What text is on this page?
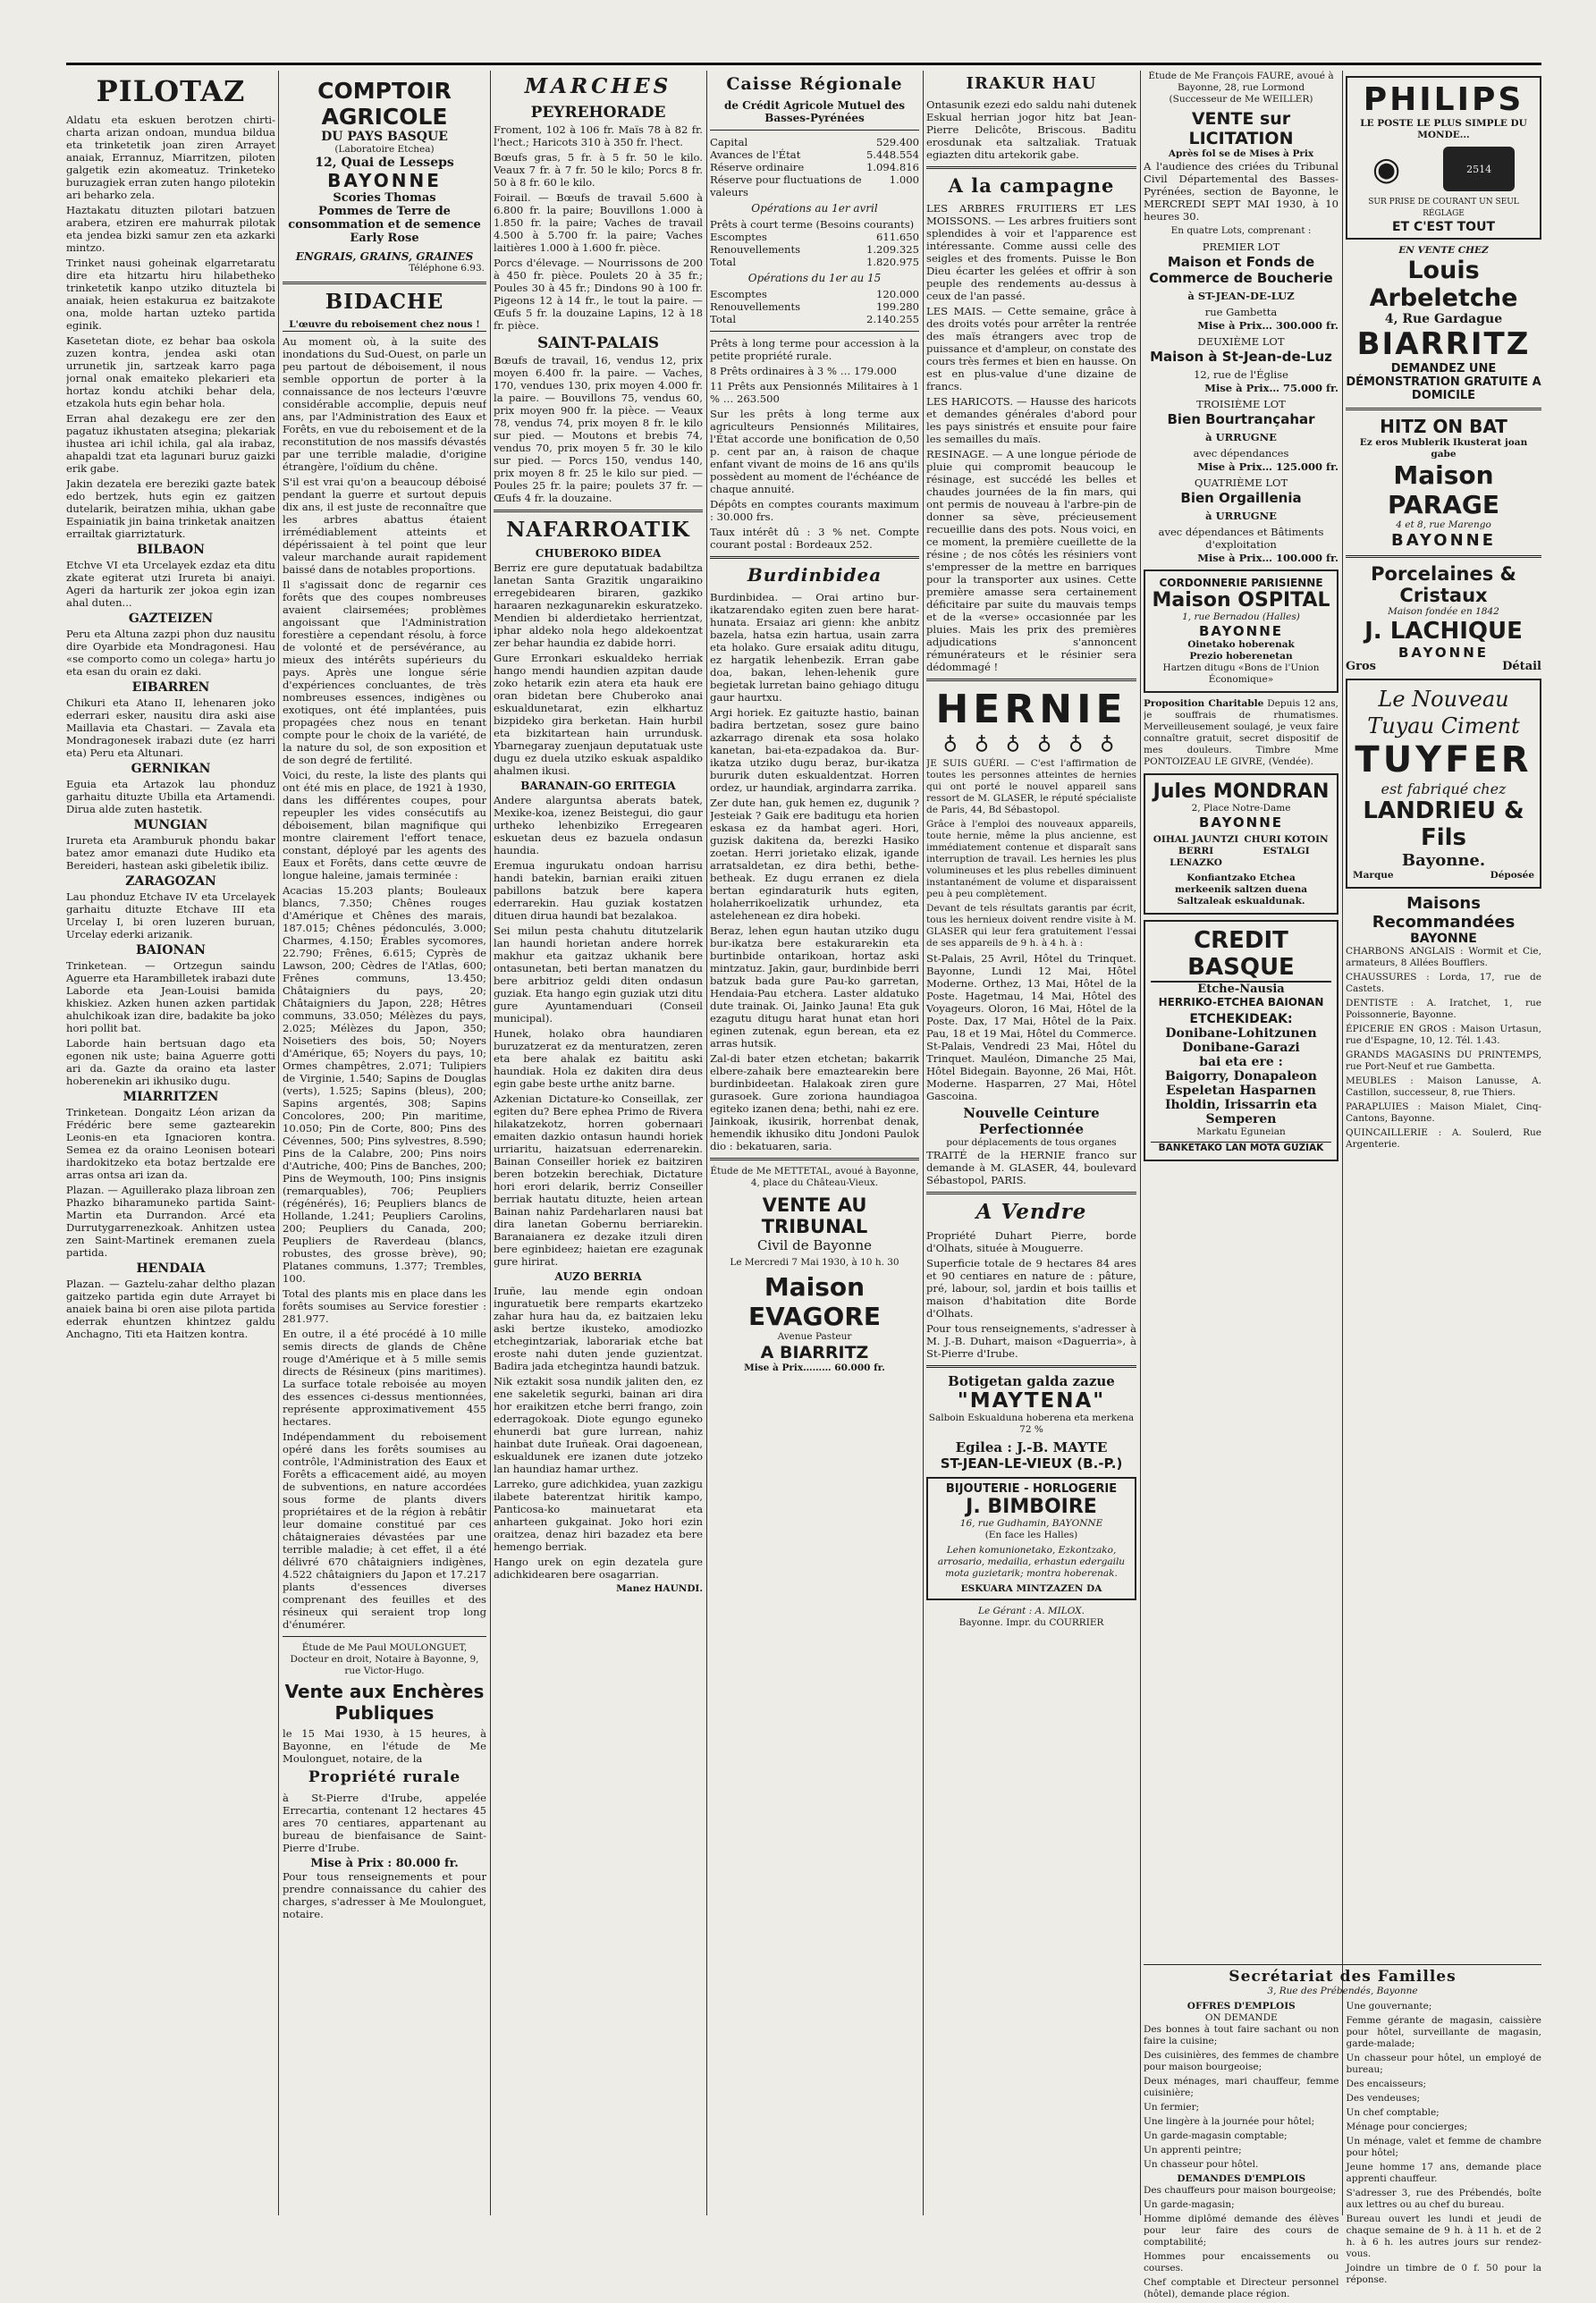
PILOTAZ

Aldatu eta eskuen berotzen chirti-charta arizan ondoan, mundua bildua eta trinketetik joan ziren Arrayet anaiak, Errannuz, Miarritzen, piloten galgetik ezin akomeatuz. Trinketeko buruzagiek erran zuten hango pilotekin ari beharko zela.

Haztakatu dituzten pilotari batzuen arabera, etziren ere mahurrak pilotak eta jendea bizki samur zen eta azkarki mintzo.

Trinket nausi goheinak elgarretaratu dire eta hitzartu hiru hilabetheko trinketetik kanpo utziko dituztela bi anaiak, heien estakurua ez baitzakote ona, molde hartan uzteko partida eginik.

Kasetetan diote, ez behar baa oskola zuzen kontra, jendea aski otan urrunetik jin, sartzeak karro paga jornal onak emaiteko plekarieri eta hortaz kondu atchiki behar dela, etzakola huts egin behar hola.

Erran ahal dezakegu ere zer den pagatuz ikhustaten atsegina; plekariak ihustea ari ichil ichila, gal ala irabaz, ahapaldi tzat eta lagunari buruz gaizki erik gabe.

Jakin dezatela ere bereziki gazte batek edo bertzek, huts egin ez gaitzen dutelarik, beiratzen mihia, ukhan gabe Espainiatik jin baina trinketak anaitzen errailtak giarriztaturk.

BILBAON

Etchve VI eta Urcelayek ezdaz eta ditu zkate egiterat utzi Irureta bi anaiyi. Ageri da harturik zer jokoa egin izan ahal duten...

GAZTEIZEN

Peru eta Altuna zazpi phon duz nausitu dire Oyarbide eta Mondragonesi. Hau «se comporto como un colega» hartu jo eta esan du orain ez daki.

EIBARREN

Chikuri eta Atano II, lehenaren joko ederrari esker, nausitu dira aski aise Maillavia eta Chastari. — Zavala eta Mondragonesek irabazi dute (ez harri eta) Peru eta Altunari.

GERNIKAN

Eguia eta Artazok lau phonduz garhaitu dituzte Ubilla eta Artamendi. Dirua alde zuten hastetik.

MUNGIAN

Irureta eta Aramburuk phondu bakar batez amor emanazi dute Hudiko eta Bereideri, hastean aski gibeletik ibiliz.

ZARAGOZAN

Lau phonduz Etchave IV eta Urcelayek garhaitu dituzte Etchave III eta Urcelay I, bi oren luzeren buruan, Urcelay ederki arizanik.

BAIONAN

Trinketean. — Ortzegun saindu Aguerre eta Harambilletek irabazi dute Laborde eta Jean-Louisi bamida khiskiez. Azken hunen azken partidak ahulchikoak izan dire, badakite ba joko hori pollit bat.

Laborde hain bertsuan dago eta egonen nik uste; baina Aguerre gotti ari da. Gazte da oraino eta laster hoberenekin ari ikhusiko dugu.

MIARRITZEN

Trinketean. Dongaitz Léon arizan da Frédéric bere seme gaztearekin Leonis-en eta Ignacioren kontra. Semea ez da oraino Leonisen boteari ihardokitzeko eta botaz bertzalde ere arras ontsa ari izan da.

Plazan. — Aguillerako plaza libroan zen Phazko biharamuneko partida Saint-Martin eta Durrandon. Arcé eta Durrutygarrenezkoak. Anhitzen ustea zen Saint-Martinek eremanen zuela partida.

HENDAIA

Plazan. — Gaztelu-zahar deltho plazan gaitzeko partida egin dute Arrayet bi anaiek baina bi oren aise pilota partida ederrak ehuntzen khintzez galdu Anchagno, Titi eta Haitzen kontra.

COMPTOIR AGRICOLE
DU PAYS BASQUE
(Laboratoire Etchea)
12, Quai de Lesseps
BAYONNE
Scories Thomas
Pommes de Terre de consommation et de semence
Early Rose
ENGRAIS, GRAINS, GRAINES
Téléphone 6.93.
BIDACHE
L'œuvre du reboisement chez nous !

Au moment où, à la suite des inondations du Sud-Ouest, on parle un peu partout de déboisement, il nous semble opportun de porter à la connaissance de nos lecteurs l'œuvre considérable accomplie, depuis neuf ans, par l'Administration des Eaux et Forêts, en vue du reboisement et de la reconstitution de nos massifs dévastés par une terrible maladie, d'origine étrangère, l'oïdium du chêne.

S'il est vrai qu'on a beaucoup déboisé pendant la guerre et surtout depuis dix ans, il est juste de reconnaître que les arbres abattus étaient irrémédiablement atteints et dépérissaient à tel point que leur valeur marchande aurait rapidement baissé dans de notables proportions.

Il s'agissait donc de regarnir ces forêts que des coupes nombreuses avaient clairsemées; problèmes angoissant que l'Administration forestière a cependant résolu, à force de volonté et de persévérance, au mieux des intérêts supérieurs du pays. Après une longue série d'expériences concluantes, de très nombreuses essences, indigènes ou exotiques, ont été implantées, puis propagées chez nous en tenant compte pour le choix de la variété, de la nature du sol, de son exposition et de son degré de fertilité.

Voici, du reste, la liste des plants qui ont été mis en place, de 1921 à 1930, dans les différentes coupes, pour repeupler les vides consécutifs au déboisement, bilan magnifique qui montre clairement l'effort tenace, constant, déployé par les agents des Eaux et Forêts, dans cette œuvre de longue haleine, jamais terminée :

Acacias 15.203 plants; Bouleaux blancs, 7.350; Chênes rouges d'Amérique et Chênes des marais, 187.015; Chênes pédonculés, 3.000; Charmes, 4.150; Érables sycomores, 22.790; Frênes, 6.615; Cyprès de Lawson, 200; Cèdres de l'Atlas, 600; Frênes communs, 13.450; Châtaigniers du pays, 20; Châtaigniers du Japon, 228; Hêtres communs, 33.050; Mélèzes du pays, 2.025; Mélèzes du Japon, 350; Noisetiers des bois, 50; Noyers d'Amérique, 65; Noyers du pays, 10; Ormes champêtres, 2.071; Tulipiers de Virginie, 1.540; Sapins de Douglas (verts), 1.525; Sapins (bleus), 200; Sapins argentés, 308; Sapins Concolores, 200; Pin maritime, 10.050; Pin de Corte, 800; Pins des Cévennes, 500; Pins sylvestres, 8.590; Pins de la Calabre, 200; Pins noirs d'Autriche, 400; Pins de Banches, 200; Pins de Weymouth, 100; Pins insignis (remarquables), 706; Peupliers (régénérés), 16; Peupliers blancs de Hollande, 1.241; Peupliers Carolins, 200; Peupliers du Canada, 200; Peupliers de Raverdeau (blancs, robustes, des grosse brève), 90; Platanes communs, 1.377; Trembles, 100.

Total des plants mis en place dans les forêts soumises au Service forestier : 281.977.

En outre, il a été procédé à 10 mille semis directs de glands de Chêne rouge d'Amérique et à 5 mille semis directs de Résineux (pins maritimes). La surface totale reboisée au moyen des essences ci-dessus mentionnées, représente approximativement 455 hectares.

Indépendamment du reboisement opéré dans les forêts soumises au contrôle, l'Administration des Eaux et Forêts a efficacement aidé, au moyen de subventions, en nature accordées sous forme de plants divers propriétaires et de la région à rebâtir leur domaine constitué par ces châtaigneraies dévastées par une terrible maladie; à cet effet, il a été délivré 670 châtaigniers indigènes, 4.522 châtaigniers du Japon et 17.217 plants d'essences diverses comprenant des feuilles et des résineux qui seraient trop long d'énumérer.

Étude de Me Paul MOULONGUET,
Docteur en droit, Notaire à Bayonne, 9, rue Victor-Hugo.
Vente aux Enchères Publiques

le 15 Mai 1930, à 15 heures, à Bayonne, en l'étude de Me Moulonguet, notaire, de la

Propriété rurale

à St-Pierre d'Irube, appelée Errecartia, contenant 12 hectares 45 ares 70 centiares, appartenant au bureau de bienfaisance de Saint-Pierre d'Irube.

Mise à Prix : 80.000 fr.

Pour tous renseignements et pour prendre connaissance du cahier des charges, s'adresser à Me Moulonguet, notaire.

MARCHES
PEYREHORADE

Froment, 102 à 106 fr. Maïs 78 à 82 fr. l'hect.; Haricots 310 à 350 fr. l'hect.

Bœufs gras, 5 fr. à 5 fr. 50 le kilo. Veaux 7 fr. à 7 fr. 50 le kilo; Porcs 8 fr. 50 à 8 fr. 60 le kilo.

Foirail. — Bœufs de travail 5.600 à 6.800 fr. la paire; Bouvillons 1.000 à 1.850 fr. la paire; Vaches de travail 4.500 à 5.700 fr. la paire; Vaches laitières 1.000 à 1.600 fr. pièce.

Porcs d'élevage. — Nourrissons de 200 à 450 fr. pièce. Poulets 20 à 35 fr.; Poules 30 à 45 fr.; Dindons 90 à 100 fr. Pigeons 12 à 14 fr., le tout la paire. — Œufs 5 fr. la douzaine Lapins, 12 à 18 fr. pièce.

SAINT-PALAIS

Bœufs de travail, 16, vendus 12, prix moyen 6.400 fr. la paire. — Vaches, 170, vendues 130, prix moyen 4.000 fr. la paire. — Bouvillons 75, vendus 60, prix moyen 900 fr. la pièce. — Veaux 78, vendus 74, prix moyen 8 fr. le kilo sur pied. — Moutons et brebis 74, vendus 70, prix moyen 5 fr. 30 le kilo sur pied. — Porcs 150, vendus 140, prix moyen 8 fr. 25 le kilo sur pied. — Poules 25 fr. la paire; poulets 37 fr. — Œufs 4 fr. la douzaine.

NAFARROATIK
CHUBEROKO BIDEA

Berriz ere gure deputatuak badabiltza lanetan Santa Grazitik ungaraikino erregebidearen biraren, gazkiko haraaren nezkagunarekin eskuratzeko. Mendien bi alderdietako herrientzat, iphar aldeko nola hego aldekoentzat zer behar haundia ez dabide horri.

Gure Erronkari eskualdeko herriak hango mendi haundien azpitan daude zoko hetarik ezin atera eta hauk ere oran bidetan bere Chuberoko anai eskualdunetarat, ezin elkhartuz bizpideko gira berketan. Hain hurbil eta bizkitartean hain urrundusk. Ybarnegaray zuenjaun deputatuak uste dugu ez duela utziko eskuak aspaldiko ahalmen ikusi.

BARANAIN-GO ERITEGIA

Andere alarguntsa aberats batek, Mexike-koa, izenez Beistegui, dio gaur urtheko lehenbiziko Erregearen eskuetan deus ez bazuela ondasun haundia.

Eremua ingurukatu ondoan harrisu handi batekin, barnian eraiki zituen pabillons batzuk bere kapera ederrarekin. Hau guziak kostatzen dituen dirua haundi bat bezalakoa.

Sei milun pesta chahutu ditutzelarik lan haundi horietan andere horrek makhur eta gaitzaz ukhanik bere ontasunetan, beti bertan manatzen du bere arbitrioz geldi diten ondasun guziak. Eta hango egin guziak utzi ditu gure Ayuntamenduari (Conseil municipal).

Hunek, holako obra haundiaren buruzatzerat ez da menturatzen, zeren eta bere ahalak ez baititu aski haundiak. Hola ez dakiten dira deus egin gabe beste urthe anitz barne.

Azkenian Dictature-ko Conseillak, zer egiten du? Bere ephea Primo de Rivera hilakatzekotz, horren gobernaari emaiten dazkio ontasun haundi horiek urriaritu, haizatsuan ederrenarekin. Bainan Conseiller horiek ez baitziren beren botzekin berechiak, Dictature hori erori delarik, berriz Conseiller berriak hautatu dituzte, heien artean Bainan nahiz Pardeharlaren nausi bat dira lanetan Gobernu berriarekin. Baranaianera ez dezake itzuli diren bere eginbideez; haietan ere ezagunak gure hirirat.

AUZO BERRIA

Iruñe, lau mende egin ondoan inguratuetik bere remparts ekartzeko zahar hura hau da, ez baitzaien leku aski bertze ikusteko, amodiozko etchegintzariak, laborariak etche bat eroste nahi duten jende guzientzat. Badira jada etchegintza haundi batzuk.

Nik eztakit sosa nundik jaliten den, ez ene sakeletik segurki, bainan ari dira hor eraikitzen etche berri frango, zoin ederragokoak. Diote egungo eguneko ehunerdi bat gure lurrean, nahiz hainbat dute Iruñeak. Orai dagoenean, eskualdunek ere izanen dute jotzeko lan haundiaz hamar urthez.

Larreko, gure adichkidea, yuan zazkigu ilabete baterentzat hiritik kampo, Panticosa-ko mainuetarat eta anharteen gukgainat. Joko hori ezin oraitzea, denaz hiri bazadez eta bere hemengo berriak.

Hango urek on egin dezatela gure adichkidearen bere osagarrian.

Manez HAUNDI.
Caisse Régionale
de Crédit Agricole Mutuel des Basses-Pyrénées
Capital	529.400
Avances de l'État	5.448.554
Réserve ordinaire	1.094.816
Réserve pour fluctuations de valeurs
1.000
Opérations au 1er avril
Prêts à court terme (Besoins courants)
Escomptes	611.650
Renouvellements	1.209.325
Total	1.820.975
Opérations du 1er au 15
Escomptes	120.000
Renouvellements	199.280
Total	2.140.255

Prêts à long terme pour accession à la petite propriété rurale.

8 Prêts ordinaires à 3 % … 179.000

11 Prêts aux Pensionnés Militaires à 1 % … 263.500

Sur les prêts à long terme aux agriculteurs Pensionnés Militaires, l'État accorde une bonification de 0,50 p. cent par an, à raison de chaque enfant vivant de moins de 16 ans qu'ils possèdent au moment de l'échéance de chaque annuité.

Dépôts en comptes courants maximum : 30.000 frs.

Taux intérêt dû : 3 % net. Compte courant postal : Bordeaux 252.

Burdinbidea

Burdinbidea. — Orai artino bur-ikatzarendako egiten zuen bere harat-hunata. Ersaiaz ari gienn: khe anbitz bazela, hatsa ezin hartua, usain zarra eta holako. Gure ersaiak aditu ditugu, ez hargatik lehenbezik. Erran gabe doa, bakan, lehen-lehenik gure begietak lurretan baino gehiago ditugu gaur haurtxu.

Argi horiek. Ez gaituzte hastio, bainan badira bertzetan, sosez gure baino azkarrago direnak eta sosa holako kanetan, bai-eta-ezpadakoa da. Bur-ikatza utziko dugu beraz, bur-ikatza bururik duten eskualdentzat. Horren ordez, ur haundiak, argindarra zarrika.

Zer dute han, guk hemen ez, dugunik ? Jesteiak ? Gaik ere baditugu eta horien eskasa ez da hambat ageri. Hori, guzisk dakitena da, berezki Hasiko zoetan. Herri jorietako elizak, igande arratsaldetan, ez dira bethi, bethe-betheak. Ez dugu erranen ez diela bertan egindaraturik huts egiten, holaherrikoelizatik urhundez, eta astelehenean ez dira hobeki.

Beraz, lehen egun hautan utziko dugu bur-ikatza bere estakurarekin eta burtinbide ontarikoan, hortaz aski mintzatuz. Jakin, gaur, burdinbide berri batzuk bada gure Pau-ko garretan, Hendaia-Pau etchera. Laster aldatuko dute trainak. Oi, Jainko Jauna! Eta guk ezagutu ditugu harat hunat etan hori eginen zutenak, egun berean, eta ez arras hutsik.

Zal-di bater etzen etchetan; bakarrik elbere-zahaik bere emaztearekin bere burdinbideetan. Halakoak ziren gure gurasoek. Gure zoriona haundiagoa egiteko izanen dena; bethi, nahi ez ere. Jainkoak, ikusirik, horrenbat denak, hemendik ikhusiko ditu Jondoni Paulok dio : bekatuaren, saria.

Étude de Me METTETAL, avoué à Bayonne,
4, place du Château-Vieux.
VENTE AU TRIBUNAL
Civil de Bayonne
Le Mercredi 7 Mai 1930, à 10 h. 30
Maison EVAGORE
Avenue Pasteur
A BIARRITZ
Mise à Prix……… 60.000 fr.
IRAKUR HAU

Ontasunik ezezi edo saldu nahi dutenek Eskual herrian jogor hitz bat Jean-Pierre Delicôte, Briscous. Baditu erosdunak eta saltzaliak. Tratuak egiazten ditu artekorik gabe.

A la campagne

LES ARBRES FRUITIERS ET LES MOISSONS. — Les arbres fruitiers sont splendides à voir et l'apparence est intéressante. Comme aussi celle des seigles et des froments. Puisse le Bon Dieu écarter les gelées et offrir à son peuple des rendements au-dessus à ceux de l'an passé.

LES MAIS. — Cette semaine, grâce à des droits votés pour arrêter la rentrée des maïs étrangers avec trop de puissance et d'ampleur, on constate des cours très fermes et bien en hausse. On est en plus-value d'une dizaine de francs.

LES HARICOTS. — Hausse des haricots et demandes générales d'abord pour les pays sinistrés et ensuite pour faire les semailles du maïs.

RESINAGE. — A une longue période de pluie qui compromit beaucoup le résinage, est succédé les belles et chaudes journées de la fin mars, qui ont permis de nouveau à l'arbre-pin de donner sa sève, précieusement recueillie dans des pots. Nous voici, en ce moment, la première cueillette de la résine ; de nos côtés les résiniers vont s'empresser de la mettre en barriques pour la transporter aux usines. Cette première amasse sera certainement déficitaire par suite du mauvais temps et de la «verse» occasionnée par les pluies. Mais les prix des premières adjudications s'annoncent rémunérateurs et le résinier sera dédommagé !

HERNIE
♁ ♁ ♁ ♁ ♁ ♁

JE SUIS GUÉRI. — C'est l'affirmation de toutes les personnes atteintes de hernies qui ont porté le nouvel appareil sans ressort de M. GLASER, le réputé spécialiste de Paris, 44, Bd Sébastopol.

Grâce à l'emploi des nouveaux appareils, toute hernie, même la plus ancienne, est immédiatement contenue et disparaît sans interruption de travail. Les hernies les plus volumineuses et les plus rebelles diminuent instantanément de volume et disparaissent peu à peu complètement.

Devant de tels résultats garantis par écrit, tous les hernieux doivent rendre visite à M. GLASER qui leur fera gratuitement l'essai de ses appareils de 9 h. à 4 h. à :

St-Palais, 25 Avril, Hôtel du Trinquet. Bayonne, Lundi 12 Mai, Hôtel Moderne. Orthez, 13 Mai, Hôtel de la Poste. Hagetmau, 14 Mai, Hôtel des Voyageurs. Oloron, 16 Mai, Hôtel de la Poste. Dax, 17 Mai, Hôtel de la Paix. Pau, 18 et 19 Mai, Hôtel du Commerce. St-Palais, Vendredi 23 Mai, Hôtel du Trinquet. Mauléon, Dimanche 25 Mai, Hôtel Bidegain. Bayonne, 26 Mai, Hôt. Moderne. Hasparren, 27 Mai, Hôtel Gascoina.

Nouvelle Ceinture Perfectionnée
pour déplacements de tous organes

TRAITÉ de la HERNIE franco sur demande à M. GLASER, 44, boulevard Sébastopol, PARIS.

A Vendre

Propriété Duhart Pierre, borde d'Olhats, située à Mouguerre.

Superficie totale de 9 hectares 84 ares et 90 centiares en nature de : pâture, pré, labour, sol, jardin et bois taillis et maison d'habitation dite Borde d'Olhats.

Pour tous renseignements, s'adresser à M. J.-B. Duhart, maison «Daguerria», à St-Pierre d'Irube.

Botigetan galda zazue
"MAYTENA"
Salboin Eskualduna hoberena eta merkena 72 %
Egilea : J.-B. MAYTE
ST-JEAN-LE-VIEUX (B.-P.)
BIJOUTERIE - HORLOGERIE
J. BIMBOIRE
16, rue Gudhamin, BAYONNE
(En face les Halles)
Lehen komunionetako, Ezkontzako, arrosario, medailia, erhastun edergailu mota guzietarik; montra hoberenak.
ESKUARA MINTZAZEN DA
Le Gérant : A. MILOX.
Bayonne. Impr. du COURRIER
Étude de Me François FAURE, avoué à Bayonne, 28, rue Lormond
(Successeur de Me WEILLER)
VENTE sur LICITATION
Après fol se de Mises à Prix

A l'audience des criées du Tribunal Civil Départemental des Basses-Pyrénées, section de Bayonne, le MERCREDI SEPT MAI 1930, à 10 heures 30.

En quatre Lots, comprenant :
PREMIER LOT
Maison et Fonds de Commerce de Boucherie
à ST-JEAN-DE-LUZ
rue Gambetta
Mise à Prix… 300.000 fr.
DEUXIÈME LOT
Maison à St-Jean-de-Luz
12, rue de l'Église
Mise à Prix… 75.000 fr.
TROISIÈME LOT
Bien Bourtrançahar
à URRUGNE
avec dépendances
Mise à Prix… 125.000 fr.
QUATRIÈME LOT
Bien Orgaillenia
à URRUGNE
avec dépendances et Bâtiments d'exploitation
Mise à Prix… 100.000 fr.
CORDONNERIE PARISIENNE
Maison OSPITAL
1, rue Bernadou (Halles)
BAYONNE
Oinetako hoberenak
Prezio hoberenetan
Hartzen ditugu «Bons de l'Union Économique»

Proposition Charitable Depuis 12 ans, je souffrais de rhumatismes. Merveilleusement soulagé, je veux faire connaître gratuit, secret dispositif de mes douleurs. Timbre Mme PONTOIZEAU LE GIVRE, (Vendée).

Jules MONDRAN
2, Place Notre-Dame
BAYONNE
OIHAL JAUNTZI BERRI LENAZKO
CHURI KOTOIN ESTALGI
Konfiantzako Etchea
merkeenik saltzen duena
Saltzaleak eskualdunak.
CREDIT BASQUE
Etche-Nausia
HERRIKO-ETCHEA BAIONAN
ETCHEKIDEAK:
Donibane-Lohitzunen
Donibane-Garazi
bai eta ere :
Baigorry, Donapaleon Espeletan Hasparnen Iholdin, Irissarrin eta Semperen
Markatu Eguneian
BANKETAKO LAN MOTA GUZIAK
PHILIPS
LE POSTE LE PLUS SIMPLE DU MONDE...
◉	2514
SUR PRISE DE COURANT UN SEUL RÉGLAGE
ET C'EST TOUT
EN VENTE CHEZ
Louis Arbeletche
4, Rue Gardague
BIARRITZ
DEMANDEZ UNE DÉMONSTRATION GRATUITE A DOMICILE
HITZ ON BAT
Ez eros Mublerik Ikusterat joan gabe
Maison PARAGE
4 et 8, rue Marengo
BAYONNE
Porcelaines & Cristaux
Maison fondée en 1842
J. LACHIQUE
BAYONNE
Gros	Détail
Le Nouveau Tuyau Ciment
TUYFER
est fabriqué chez
LANDRIEU & Fils
Bayonne.
Marque	Déposée
Maisons Recommandées
BAYONNE

CHARBONS ANGLAIS : Wormit et Cie, armateurs, 8 Allées Boufflers.

CHAUSSURES : Lorda, 17, rue de Castets.

DENTISTE : A. Iratchet, 1, rue Poissonnerie, Bayonne.

ÉPICERIE EN GROS : Maison Urtasun, rue d'Espagne, 10, 12. Tél. 1.43.

GRANDS MAGASINS DU PRINTEMPS, rue Port-Neuf et rue Gambetta.

MEUBLES : Maison Lanusse, A. Castillon, successeur, 8, rue Thiers.

PARAPLUIES : Maison Mialet, Cinq-Cantons, Bayonne.

QUINCAILLERIE : A. Soulerd, Rue Argenterie.

Secrétariat des Familles
3, Rue des Prébendés, Bayonne
OFFRES D'EMPLOIS
ON DEMANDE

Des bonnes à tout faire sachant ou non faire la cuisine;

Des cuisinières, des femmes de chambre pour maison bourgeoise;

Deux ménages, mari chauffeur, femme cuisinière;

Un fermier;

Une lingère à la journée pour hôtel;

Un garde-magasin comptable;

Un apprenti peintre;

Un chasseur pour hôtel.

DEMANDES D'EMPLOIS

Des chauffeurs pour maison bourgeoise;

Un garde-magasin;

Homme diplômé demande des élèves pour leur faire des cours de comptabilité;

Hommes pour encaissements ou courses.

Chef comptable et Directeur personnel (hôtel), demande place région.

Une gouvernante;

Femme gérante de magasin, caissière pour hôtel, surveillante de magasin, garde-malade;

Un chasseur pour hôtel, un employé de bureau;

Des encaisseurs;

Des vendeuses;

Un chef comptable;

Ménage pour concierges;

Un ménage, valet et femme de chambre pour hôtel;

Jeune homme 17 ans, demande place apprenti chauffeur.

S'adresser 3, rue des Prébendés, boîte aux lettres ou au chef du bureau.

Bureau ouvert les lundi et jeudi de chaque semaine de 9 h. à 11 h. et de 2 h. à 6 h. les autres jours sur rendez-vous.

Joindre un timbre de 0 f. 50 pour la réponse.
